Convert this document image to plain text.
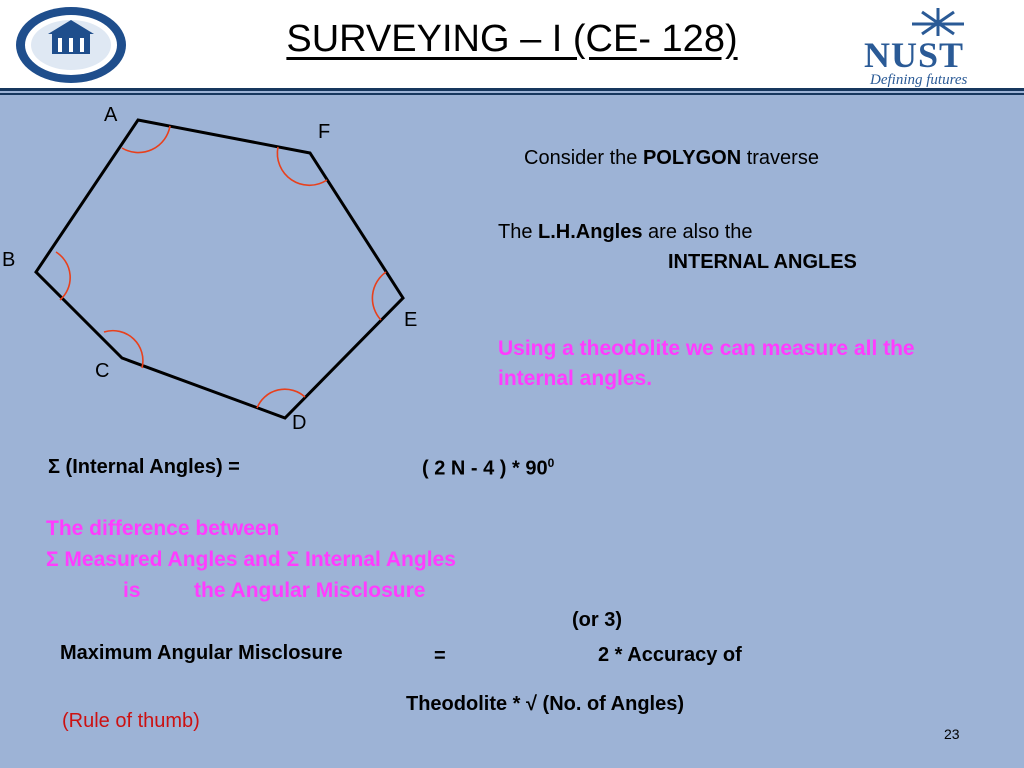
SURVEYING – I (CE- 128)	NUST
Defining futures
A
F
B
E
C
D
Consider the POLYGON traverse
The L.H.Angles are also the
INTERNAL ANGLES
Using a theodolite we can measure all the
internal angles.
Σ (Internal Angles) =	( 2 N - 4 ) * $90^0$
The difference between
Σ Measured Angles and Σ Internal Angles
is	the Angular Misclosure
(or 3)
Maximum Angular Misclosure	=	2 * Accuracy of
Theodolite * √ (No. of Angles)
(Rule of thumb)
23
